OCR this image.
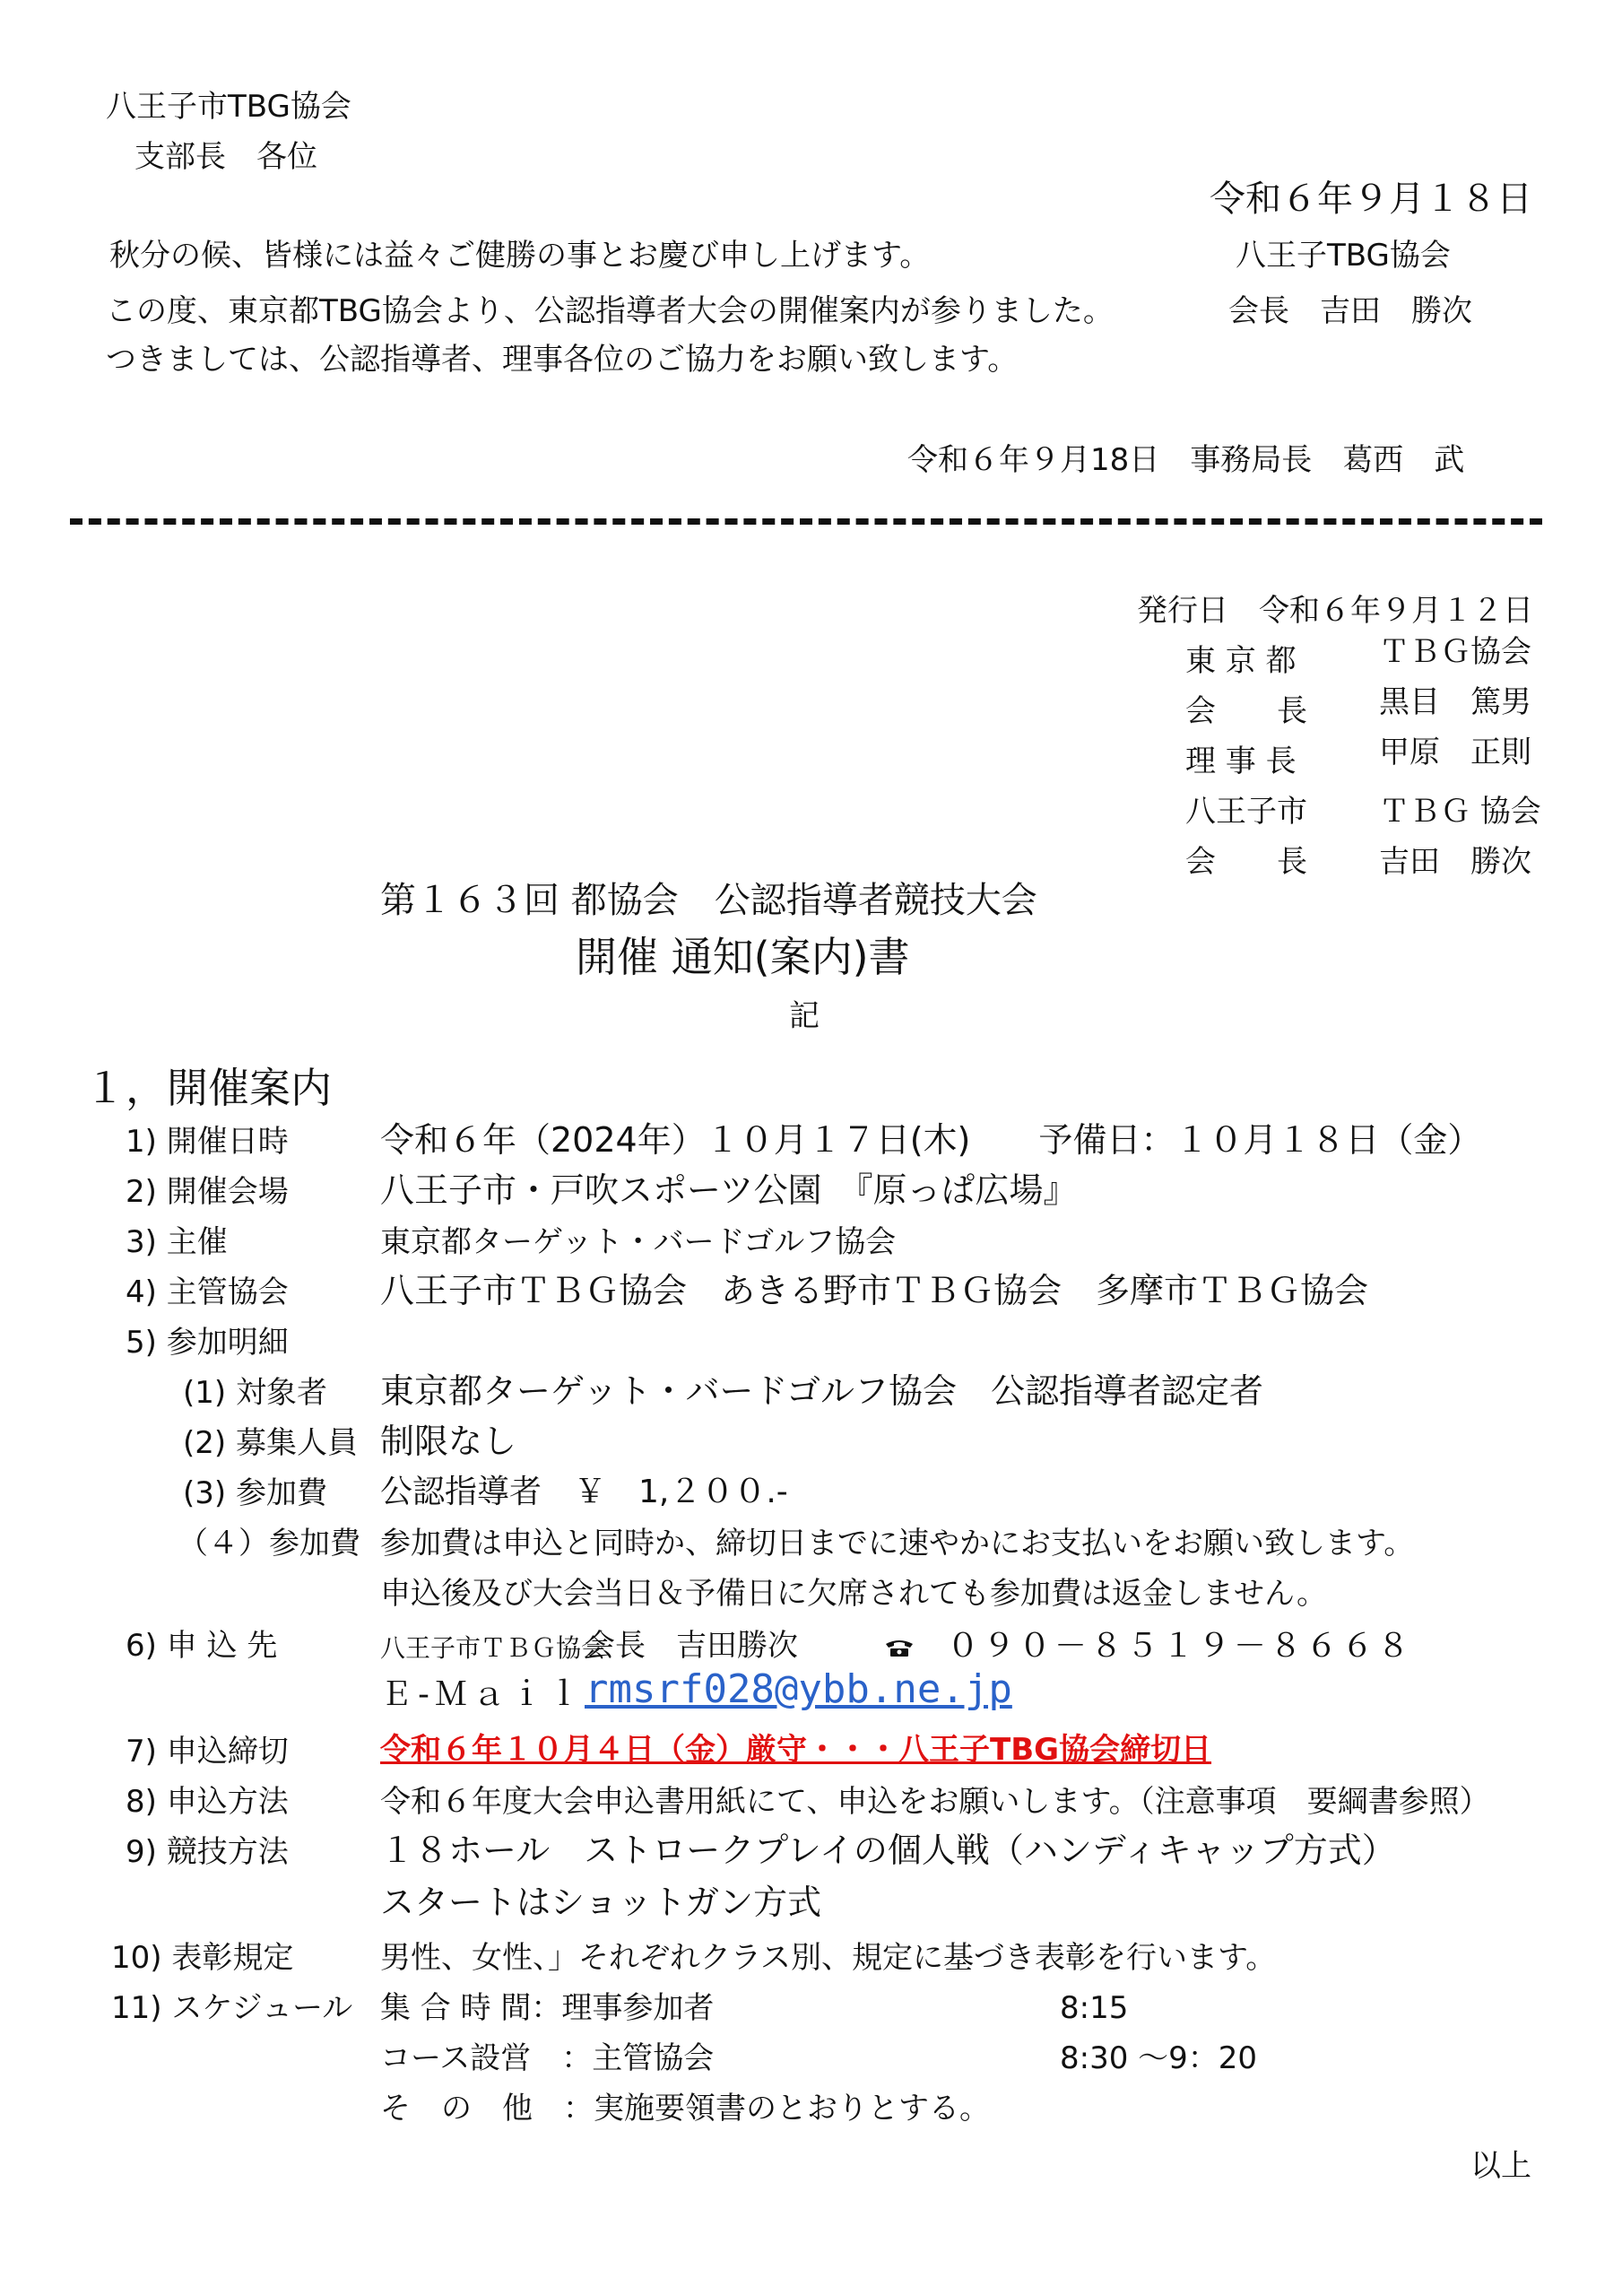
八王子市TBG協会
支部長　各位
令和６年９月１８日
秋分の候、皆様には益々ご健勝の事とお慶び申し上げます。
この度、東京都TBG協会より、公認指導者大会の開催案内が参りました。
つきましては、公認指導者、理事各位のご協力をお願い致します。
八王子TBG協会
会長　吉田　勝次
令和６年９月18日　事務局長　葛西　武
発行日　令和６年９月１２日
東 京 都	ＴＢＧ協会
会　　長 黒目　篤男
理 事 長	甲原　正則
八王子市 ＴＢＧ 協会
会　　長 吉田　勝次
第１６３回 都協会　公認指導者競技大会
開催 通知(案内)書
記
１，開催案内
1) 開催日時	令和６年（2024年）１０月１７日(木)　　予備日：１０月１８日（金）
2) 開催会場	八王子市・戸吹スポーツ公園　『原っぱ広場』
3) 主催	東京都ターゲット・バードゴルフ協会
4) 主管協会	八王子市ＴＢＧ協会　あきる野市ＴＢＧ協会　多摩市ＴＢＧ協会
5) 参加明細
(1) 対象者 東京都ターゲット・バードゴルフ協会　公認指導者認定者
(2) 募集人員 制限なし
(3) 参加費 公認指導者　￥　1,２００.-
（４）参加費 参加費は申込と同時か、締切日までに速やかにお支払いをお願い致します。
申込後及び大会当日＆予備日に欠席されても参加費は返金しません。
6) 申 込 先	八王子市ＴＢＧ協会
会長　吉田勝次	０９０－８５１９－８６６８
Ｅ-Ｍａｉｌ rmsrf028@ybb.ne.jp
7) 申込締切	令和６年１０月４日（金）厳守・・・八王子TBG協会締切日
8) 申込方法	令和６年度大会申込書用紙にて、申込をお願いします。（注意事項　要綱書参照）
9) 競技方法	１８ホール　ストロークプレイの個人戦（ハンディキャップ方式）
スタートはショットガン方式
10) 表彰規定	男性、女性、」それぞれクラス別、規定に基づき表彰を行います。
11) スケジュール 集 合 時 間：理事参加者	8:15
コース設営　：主管協会	8:30 ～9：20
そ　の　他　：実施要領書のとおりとする。
以上
